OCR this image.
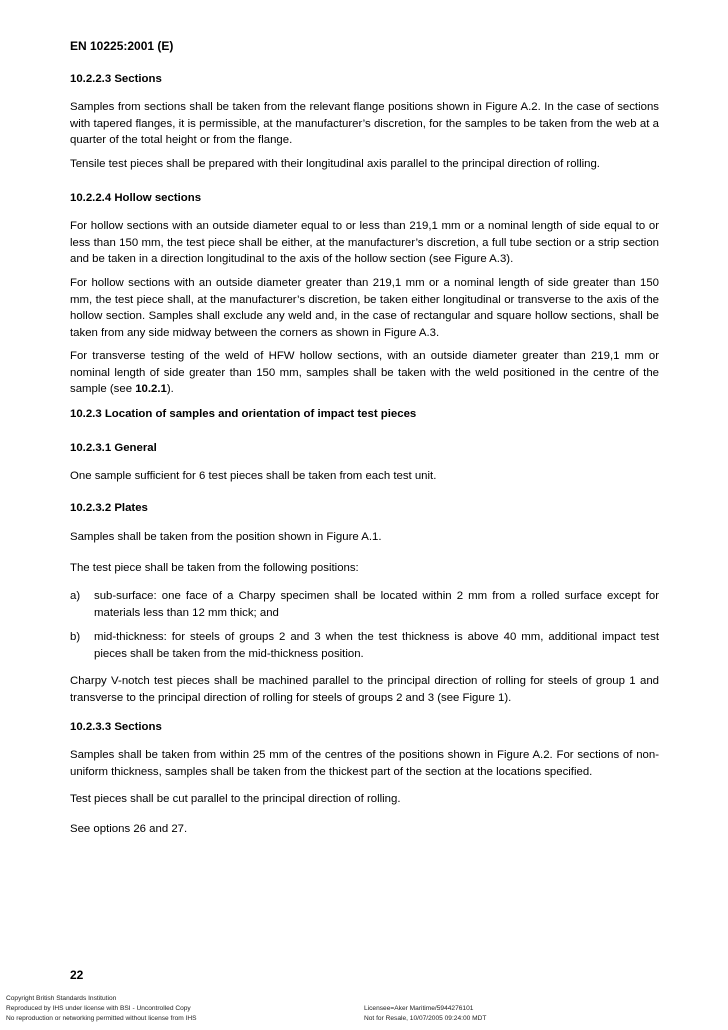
EN 10225:2001 (E)
10.2.2.3 Sections

Samples from sections shall be taken from the relevant flange positions shown in Figure A.2. In the case of sections with tapered flanges, it is permissible, at the manufacturer’s discretion, for the samples to be taken from the web at a quarter of the total height or from the flange.

Tensile test pieces shall be prepared with their longitudinal axis parallel to the principal direction of rolling.

10.2.2.4 Hollow sections

For hollow sections with an outside diameter equal to or less than 219,1 mm or a nominal length of side equal to or less than 150 mm, the test piece shall be either, at the manufacturer’s discretion, a full tube section or a strip section and be taken in a direction longitudinal to the axis of the hollow section (see Figure A.3).

For hollow sections with an outside diameter greater than 219,1 mm or a nominal length of side greater than 150 mm, the test piece shall, at the manufacturer’s discretion, be taken either longitudinal or transverse to the axis of the hollow section. Samples shall exclude any weld and, in the case of rectangular and square hollow sections, shall be taken from any side midway between the corners as shown in Figure A.3.

For transverse testing of the weld of HFW hollow sections, with an outside diameter greater than 219,1 mm or nominal length of side greater than 150 mm, samples shall be taken with the weld positioned in the centre of the sample (see 10.2.1).

10.2.3 Location of samples and orientation of impact test pieces
10.2.3.1 General

One sample sufficient for 6 test pieces shall be taken from each test unit.

10.2.3.2 Plates

Samples shall be taken from the position shown in Figure A.1.

The test piece shall be taken from the following positions:

a)	sub-surface: one face of a Charpy specimen shall be located within 2 mm from a rolled surface except for materials less than 12 mm thick; and
b)	mid-thickness: for steels of groups 2 and 3 when the test thickness is above 40 mm, additional impact test pieces shall be taken from the mid-thickness position.

Charpy V-notch test pieces shall be machined parallel to the principal direction of rolling for steels of group 1 and transverse to the principal direction of rolling for steels of groups 2 and 3 (see Figure 1).

10.2.3.3 Sections

Samples shall be taken from within 25 mm of the centres of the positions shown in Figure A.2. For sections of non-uniform thickness, samples shall be taken from the thickest part of the section at the locations specified.

Test pieces shall be cut parallel to the principal direction of rolling.

See options 26 and 27.

22
Copyright British Standards Institution
Reproduced by IHS under license with BSI - Uncontrolled Copy
No reproduction or networking permitted without license from IHS
Licensee=Aker Maritime/5944276101
Not for Resale, 10/07/2005 09:24:00 MDT
